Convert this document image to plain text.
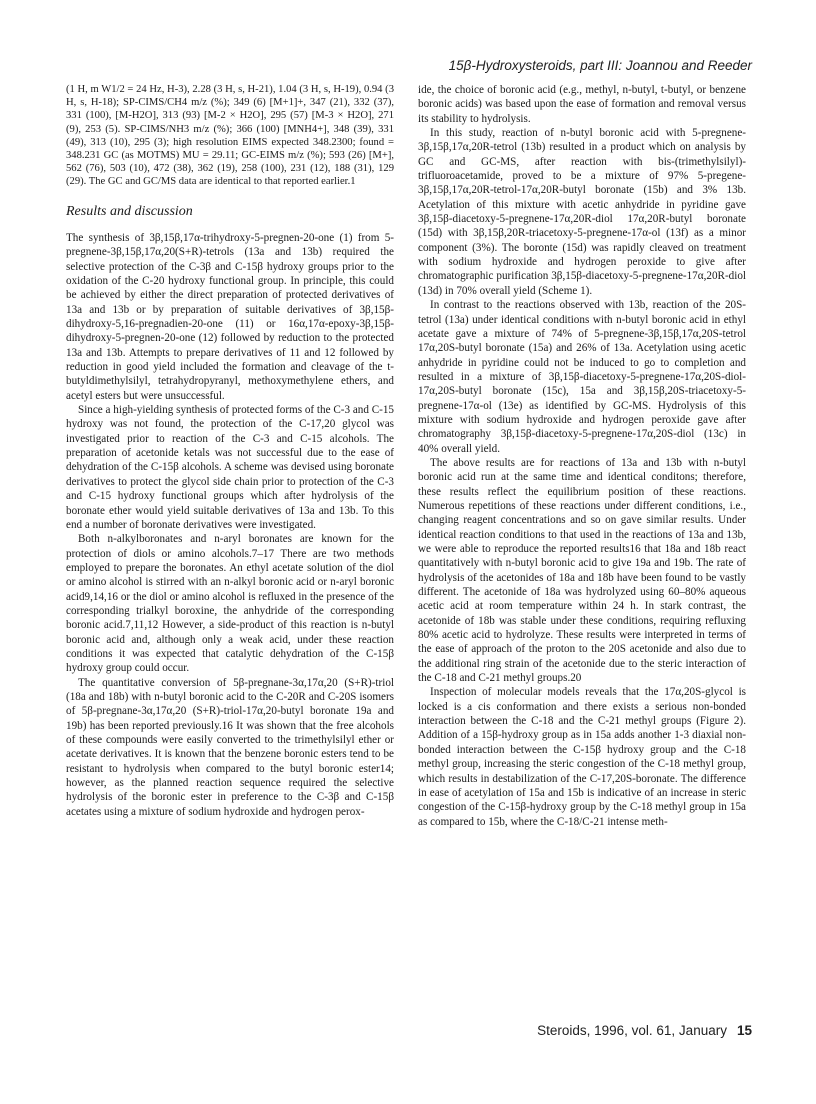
15β-Hydroxysteroids, part III: Joannou and Reeder

(1 H, m W1/2 = 24 Hz, H-3), 2.28 (3 H, s, H-21), 1.04 (3 H, s, H-19), 0.94 (3 H, s, H-18); SP-CIMS/CH4 m/z (%); 349 (6) [M+1]+, 347 (21), 332 (37), 331 (100), [M-H2O], 313 (93) [M-2 × H2O], 295 (57) [M-3 × H2O], 271 (9), 253 (5). SP-CIMS/NH3 m/z (%); 366 (100) [MNH4+], 348 (39), 331 (49), 313 (10), 295 (3); high resolution EIMS expected 348.2300; found = 348.231 GC (as MOTMS) MU = 29.11; GC-EIMS m/z (%); 593 (26) [M+], 562 (76), 503 (10), 472 (38), 362 (19), 258 (100), 231 (12), 188 (31), 129 (29). The GC and GC/MS data are identical to that reported earlier.1

Results and discussion

The synthesis of 3β,15β,17α-trihydroxy-5-pregnen-20-one (1) from 5-pregnene-3β,15β,17α,20(S+R)-tetrols (13a and 13b) required the selective protection of the C-3β and C-15β hydroxy groups prior to the oxidation of the C-20 hydroxy functional group. In principle, this could be achieved by either the direct preparation of protected derivatives of 13a and 13b or by preparation of suitable derivatives of 3β,15β-dihydroxy-5,16-pregnadien-20-one (11) or 16α,17α-epoxy-3β,15β-dihydroxy-5-pregnen-20-one (12) followed by reduction to the protected 13a and 13b. Attempts to prepare derivatives of 11 and 12 followed by reduction in good yield included the formation and cleavage of the t-butyldimethylsilyl, tetrahydropyranyl, methoxymethylene ethers, and acetyl esters but were unsuccessful.

Since a high-yielding synthesis of protected forms of the C-3 and C-15 hydroxy was not found, the protection of the C-17,20 glycol was investigated prior to reaction of the C-3 and C-15 alcohols. The preparation of acetonide ketals was not successful due to the ease of dehydration of the C-15β alcohols. A scheme was devised using boronate derivatives to protect the glycol side chain prior to protection of the C-3 and C-15 hydroxy functional groups which after hydrolysis of the boronate ether would yield suitable derivatives of 13a and 13b. To this end a number of boronate derivatives were investigated.

Both n-alkylboronates and n-aryl boronates are known for the protection of diols or amino alcohols.7–17 There are two methods employed to prepare the boronates. An ethyl acetate solution of the diol or amino alcohol is stirred with an n-alkyl boronic acid or n-aryl boronic acid9,14,16 or the diol or amino alcohol is refluxed in the presence of the corresponding trialkyl boroxine, the anhydride of the corresponding boronic acid.7,11,12 However, a side-product of this reaction is n-butyl boronic acid and, although only a weak acid, under these reaction conditions it was expected that catalytic dehydration of the C-15β hydroxy group could occur.

The quantitative conversion of 5β-pregnane-3α,17α,20 (S+R)-triol (18a and 18b) with n-butyl boronic acid to the C-20R and C-20S isomers of 5β-pregnane-3α,17α,20 (S+R)-triol-17α,20-butyl boronate 19a and 19b) has been reported previously.16 It was shown that the free alcohols of these compounds were easily converted to the trimethylsilyl ether or acetate derivatives. It is known that the benzene boronic esters tend to be resistant to hydrolysis when compared to the butyl boronic ester14; however, as the planned reaction sequence required the selective hydrolysis of the boronic ester in preference to the C-3β and C-15β acetates using a mixture of sodium hydroxide and hydrogen perox-

ide, the choice of boronic acid (e.g., methyl, n-butyl, t-butyl, or benzene boronic acids) was based upon the ease of formation and removal versus its stability to hydrolysis.

In this study, reaction of n-butyl boronic acid with 5-pregnene-3β,15β,17α,20R-tetrol (13b) resulted in a product which on analysis by GC and GC-MS, after reaction with bis-(trimethylsilyl)-trifluoroacetamide, proved to be a mixture of 97% 5-pregene-3β,15β,17α,20R-tetrol-17α,20R-butyl boronate (15b) and 3% 13b. Acetylation of this mixture with acetic anhydride in pyridine gave 3β,15β-diacetoxy-5-pregnene-17α,20R-diol 17α,20R-butyl boronate (15d) with 3β,15β,20R-triacetoxy-5-pregnene-17α-ol (13f) as a minor component (3%). The boronte (15d) was rapidly cleaved on treatment with sodium hydroxide and hydrogen peroxide to give after chromatographic purification 3β,15β-diacetoxy-5-pregnene-17α,20R-diol (13d) in 70% overall yield (Scheme 1).

In contrast to the reactions observed with 13b, reaction of the 20S-tetrol (13a) under identical conditions with n-butyl boronic acid in ethyl acetate gave a mixture of 74% of 5-pregnene-3β,15β,17α,20S-tetrol 17α,20S-butyl boronate (15a) and 26% of 13a. Acetylation using acetic anhydride in pyridine could not be induced to go to completion and resulted in a mixture of 3β,15β-diacetoxy-5-pregnene-17α,20S-diol-17α,20S-butyl boronate (15c), 15a and 3β,15β,20S-triacetoxy-5-pregnene-17α-ol (13e) as identified by GC-MS. Hydrolysis of this mixture with sodium hydroxide and hydrogen peroxide gave after chromatography 3β,15β-diacetoxy-5-pregnene-17α,20S-diol (13c) in 40% overall yield.

The above results are for reactions of 13a and 13b with n-butyl boronic acid run at the same time and identical conditons; therefore, these results reflect the equilibrium position of these reactions. Numerous repetitions of these reactions under different conditions, i.e., changing reagent concentrations and so on gave similar results. Under identical reaction conditions to that used in the reactions of 13a and 13b, we were able to reproduce the reported results16 that 18a and 18b react quantitatively with n-butyl boronic acid to give 19a and 19b. The rate of hydrolysis of the acetonides of 18a and 18b have been found to be vastly different. The acetonide of 18a was hydrolyzed using 60–80% aqueous acetic acid at room temperature within 24 h. In stark contrast, the acetonide of 18b was stable under these conditions, requiring refluxing 80% acetic acid to hydrolyze. These results were interpreted in terms of the ease of approach of the proton to the 20S acetonide and also due to the additional ring strain of the acetonide due to the steric interaction of the C-18 and C-21 methyl groups.20

Inspection of molecular models reveals that the 17α,20S-glycol is locked is a cis conformation and there exists a serious non-bonded interaction between the C-18 and the C-21 methyl groups (Figure 2). Addition of a 15β-hydroxy group as in 15a adds another 1-3 diaxial non-bonded interaction between the C-15β hydroxy group and the C-18 methyl group, increasing the steric congestion of the C-18 methyl group, which results in destabilization of the C-17,20S-boronate. The difference in ease of acetylation of 15a and 15b is indicative of an increase in steric congestion of the C-15β-hydroxy group by the C-18 methyl group in 15a as compared to 15b, where the C-18/C-21 intense meth-

Steroids, 1996, vol. 61, January 15
